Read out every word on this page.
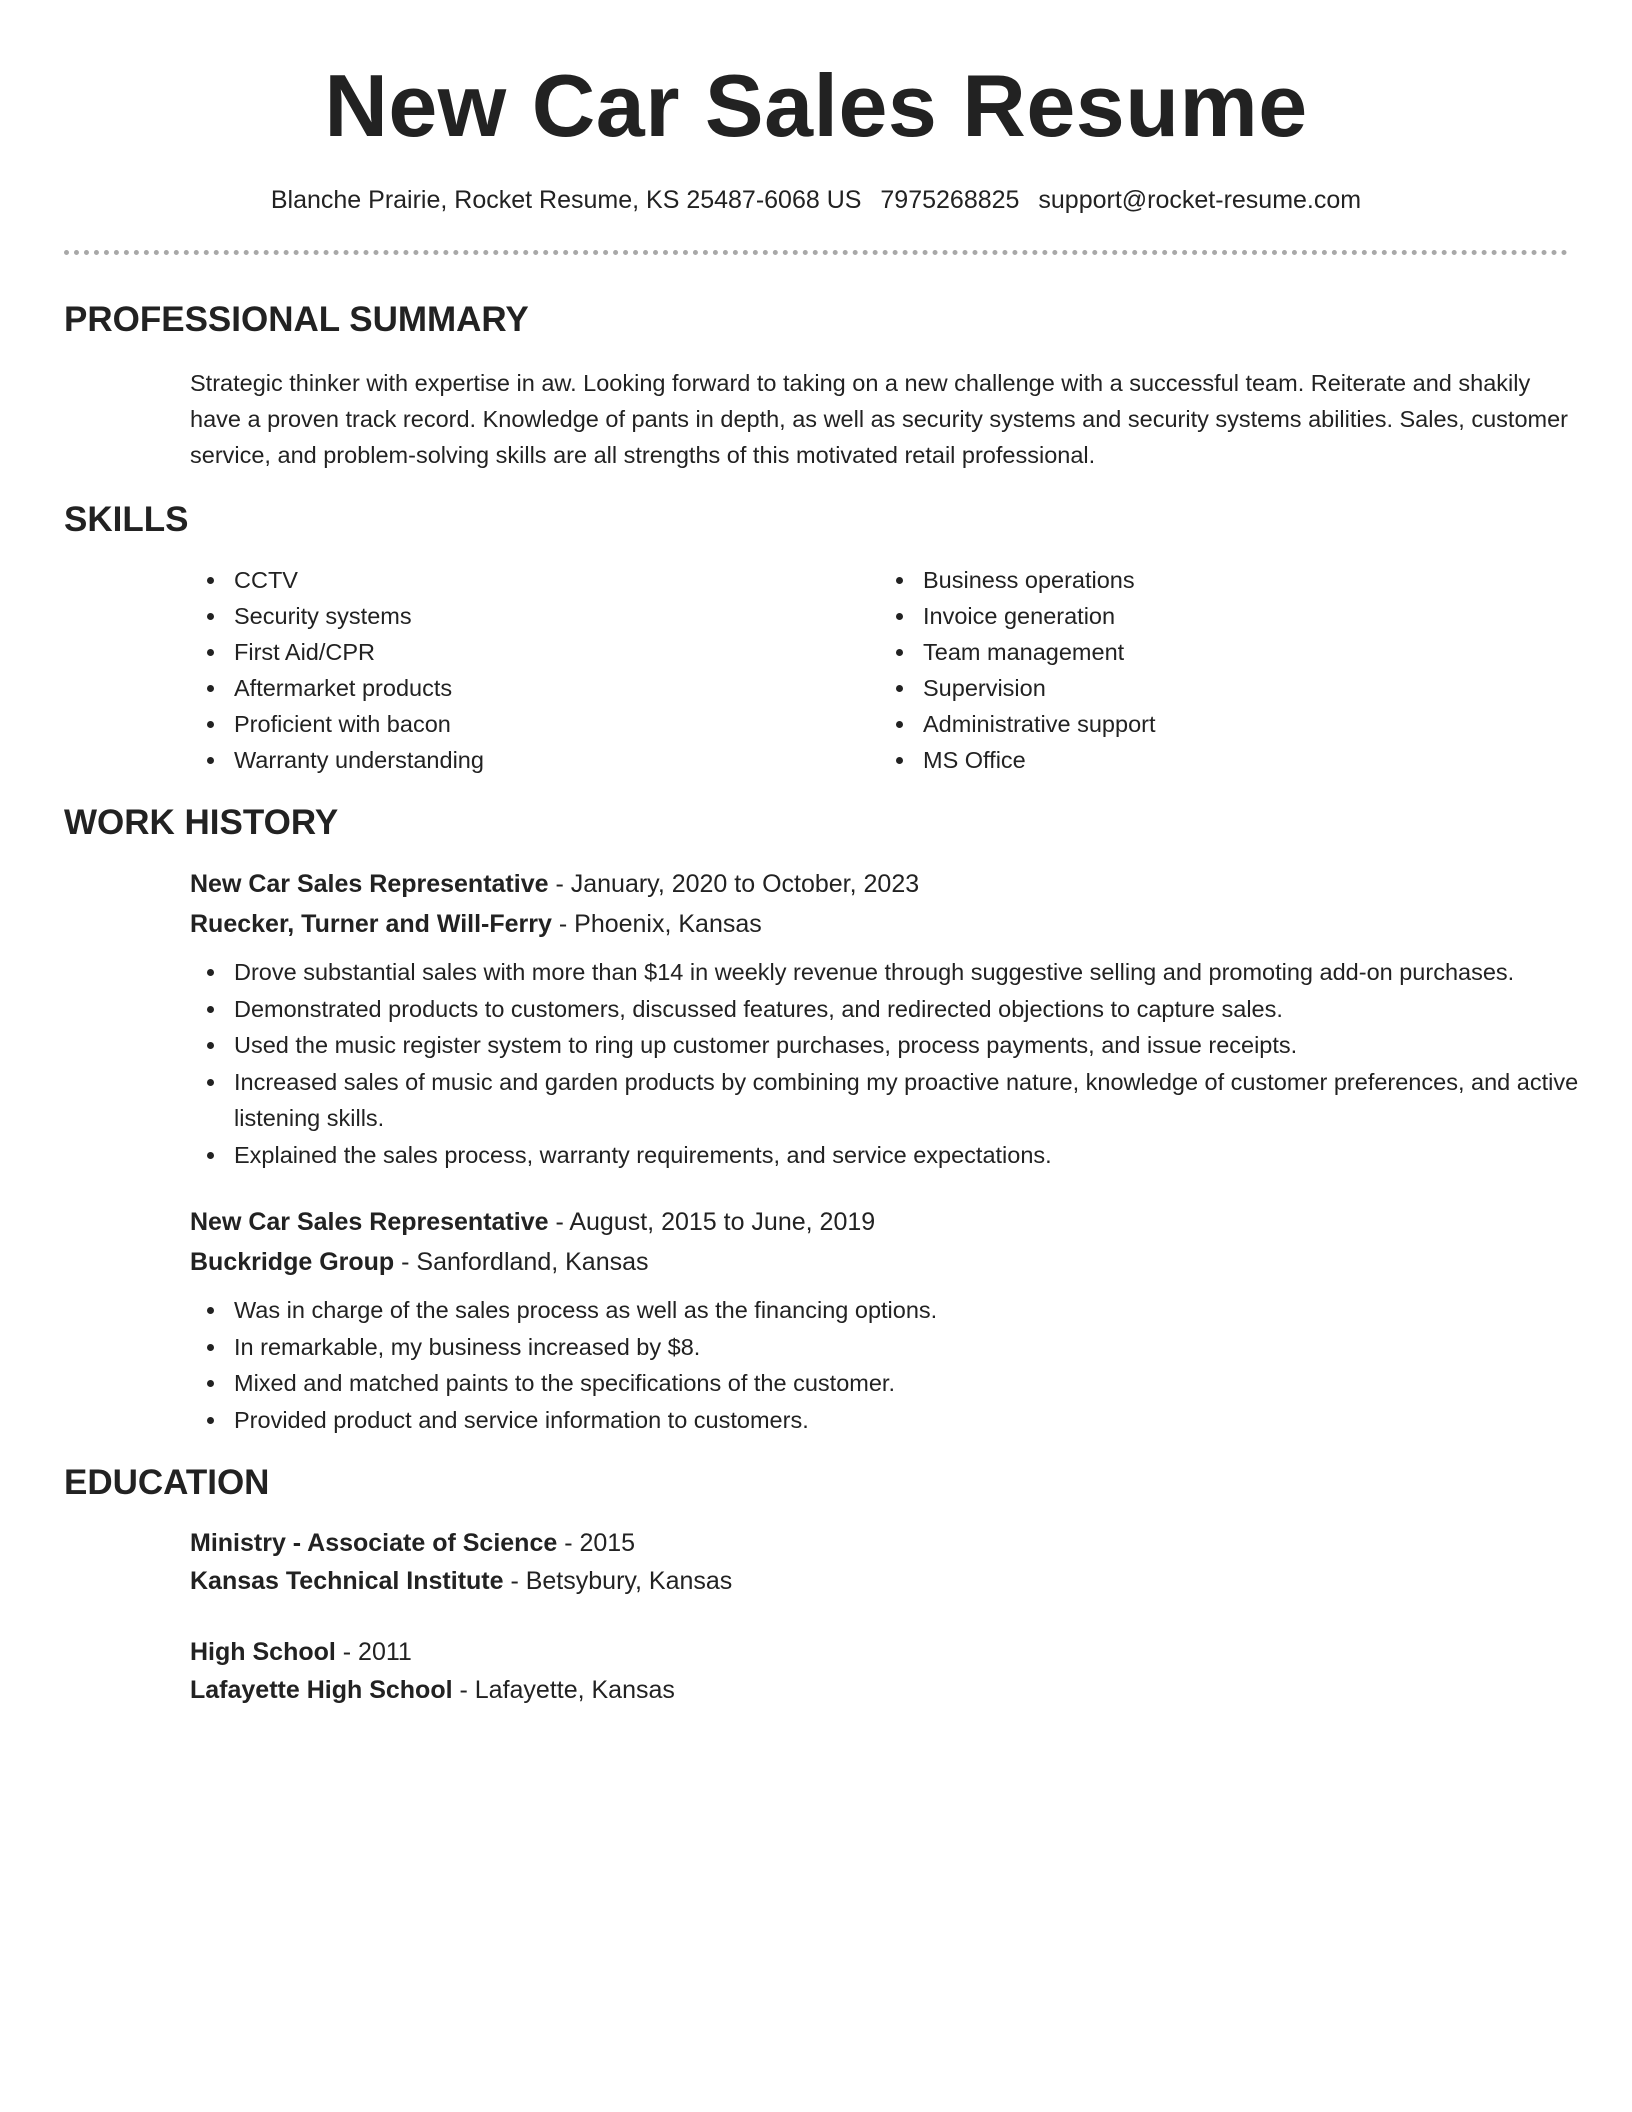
New Car Sales Resume
Blanche Prairie, Rocket Resume, KS 25487-6068 US 7975268825 support@rocket-resume.com
PROFESSIONAL SUMMARY
Strategic thinker with expertise in aw. Looking forward to taking on a new challenge with a successful team. Reiterate and shakily have a proven track record. Knowledge of pants in depth, as well as security systems and security systems abilities. Sales, customer service, and problem-solving skills are all strengths of this motivated retail professional.
SKILLS
CCTV
Security systems
First Aid/CPR
Aftermarket products
Proficient with bacon
Warranty understanding
Business operations
Invoice generation
Team management
Supervision
Administrative support
MS Office
WORK HISTORY
New Car Sales Representative - January, 2020 to October, 2023
Ruecker, Turner and Will-Ferry - Phoenix, Kansas
Drove substantial sales with more than $14 in weekly revenue through suggestive selling and promoting add-on purchases.
Demonstrated products to customers, discussed features, and redirected objections to capture sales.
Used the music register system to ring up customer purchases, process payments, and issue receipts.
Increased sales of music and garden products by combining my proactive nature, knowledge of customer preferences, and active listening skills.
Explained the sales process, warranty requirements, and service expectations.
New Car Sales Representative - August, 2015 to June, 2019
Buckridge Group - Sanfordland, Kansas
Was in charge of the sales process as well as the financing options.
In remarkable, my business increased by $8.
Mixed and matched paints to the specifications of the customer.
Provided product and service information to customers.
EDUCATION
Ministry - Associate of Science - 2015
Kansas Technical Institute - Betsybury, Kansas
High School - 2011
Lafayette High School - Lafayette, Kansas
